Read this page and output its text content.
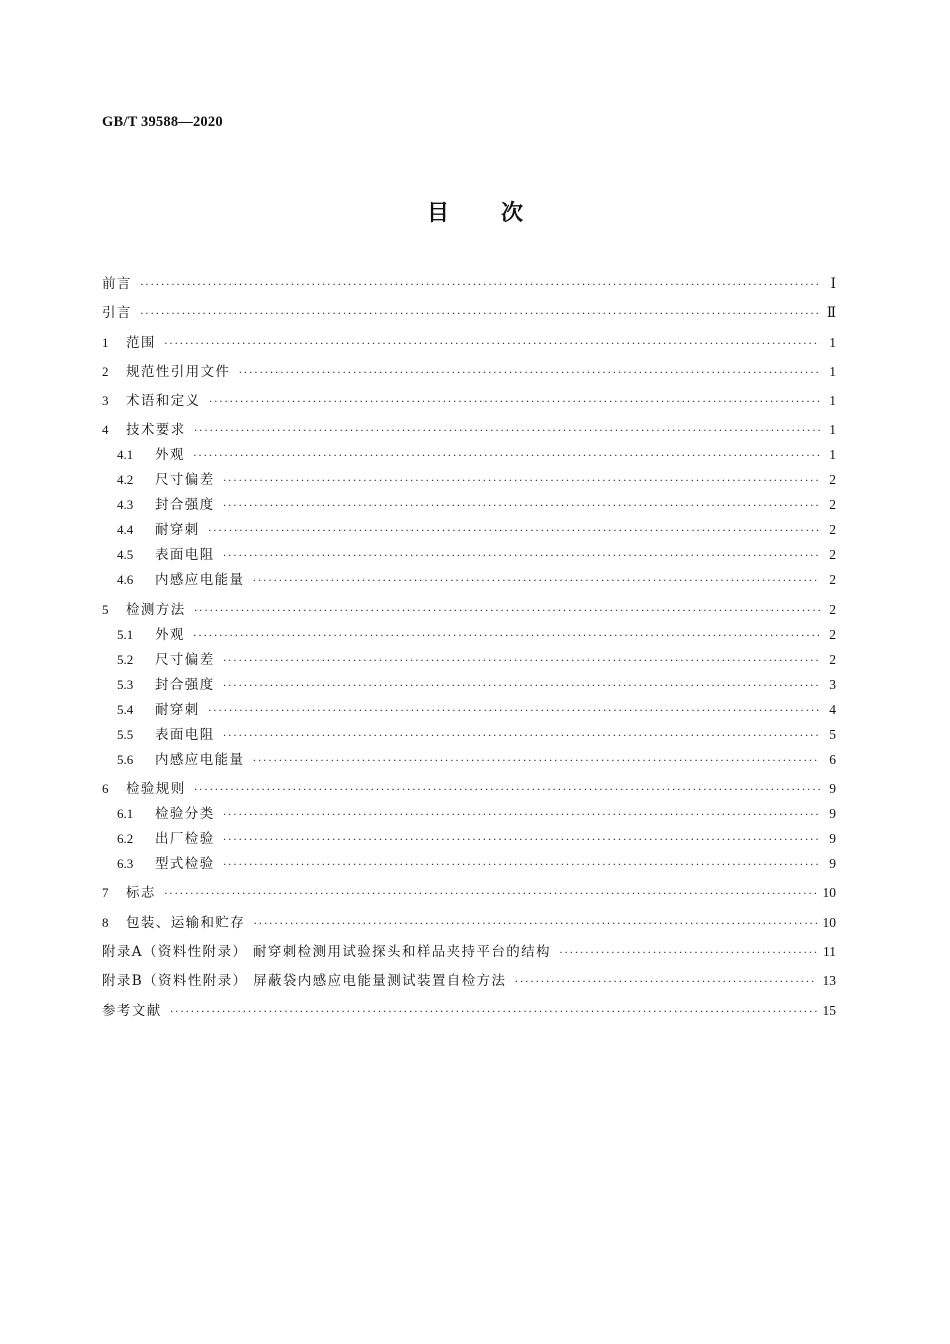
GB/T 39588—2020
目次
前言 ·····	Ⅰ
引言 ·····	Ⅱ
1	范围 ·····	1
2	规范性引用文件 ·····	1
3	术语和定义 ·····	1
4	技术要求 ·····	1
4.1	外观 ·····	1
4.2	尺寸偏差 ·····	2
4.3	封合强度 ·····	2
4.4	耐穿刺 ·····	2
4.5	表面电阻 ·····	2
4.6	内感应电能量 ·····	2
5	检测方法 ·····	2
5.1	外观 ·····	2
5.2	尺寸偏差 ·····	2
5.3	封合强度 ·····	3
5.4	耐穿刺 ·····	4
5.5	表面电阻 ·····	5
5.6	内感应电能量 ·····	6
6	检验规则 ·····	9
6.1	检验分类 ·····	9
6.2	出厂检验 ·····	9
6.3	型式检验 ·····	9
7	标志 ·····	10
8	包装、运输和贮存 ·····	10
附录A（资料性附录） 耐穿刺检测用试验探头和样品夹持平台的结构 ·····	11
附录B（资料性附录） 屏蔽袋内感应电能量测试装置自检方法 ·····	13
参考文献 ·····	15
